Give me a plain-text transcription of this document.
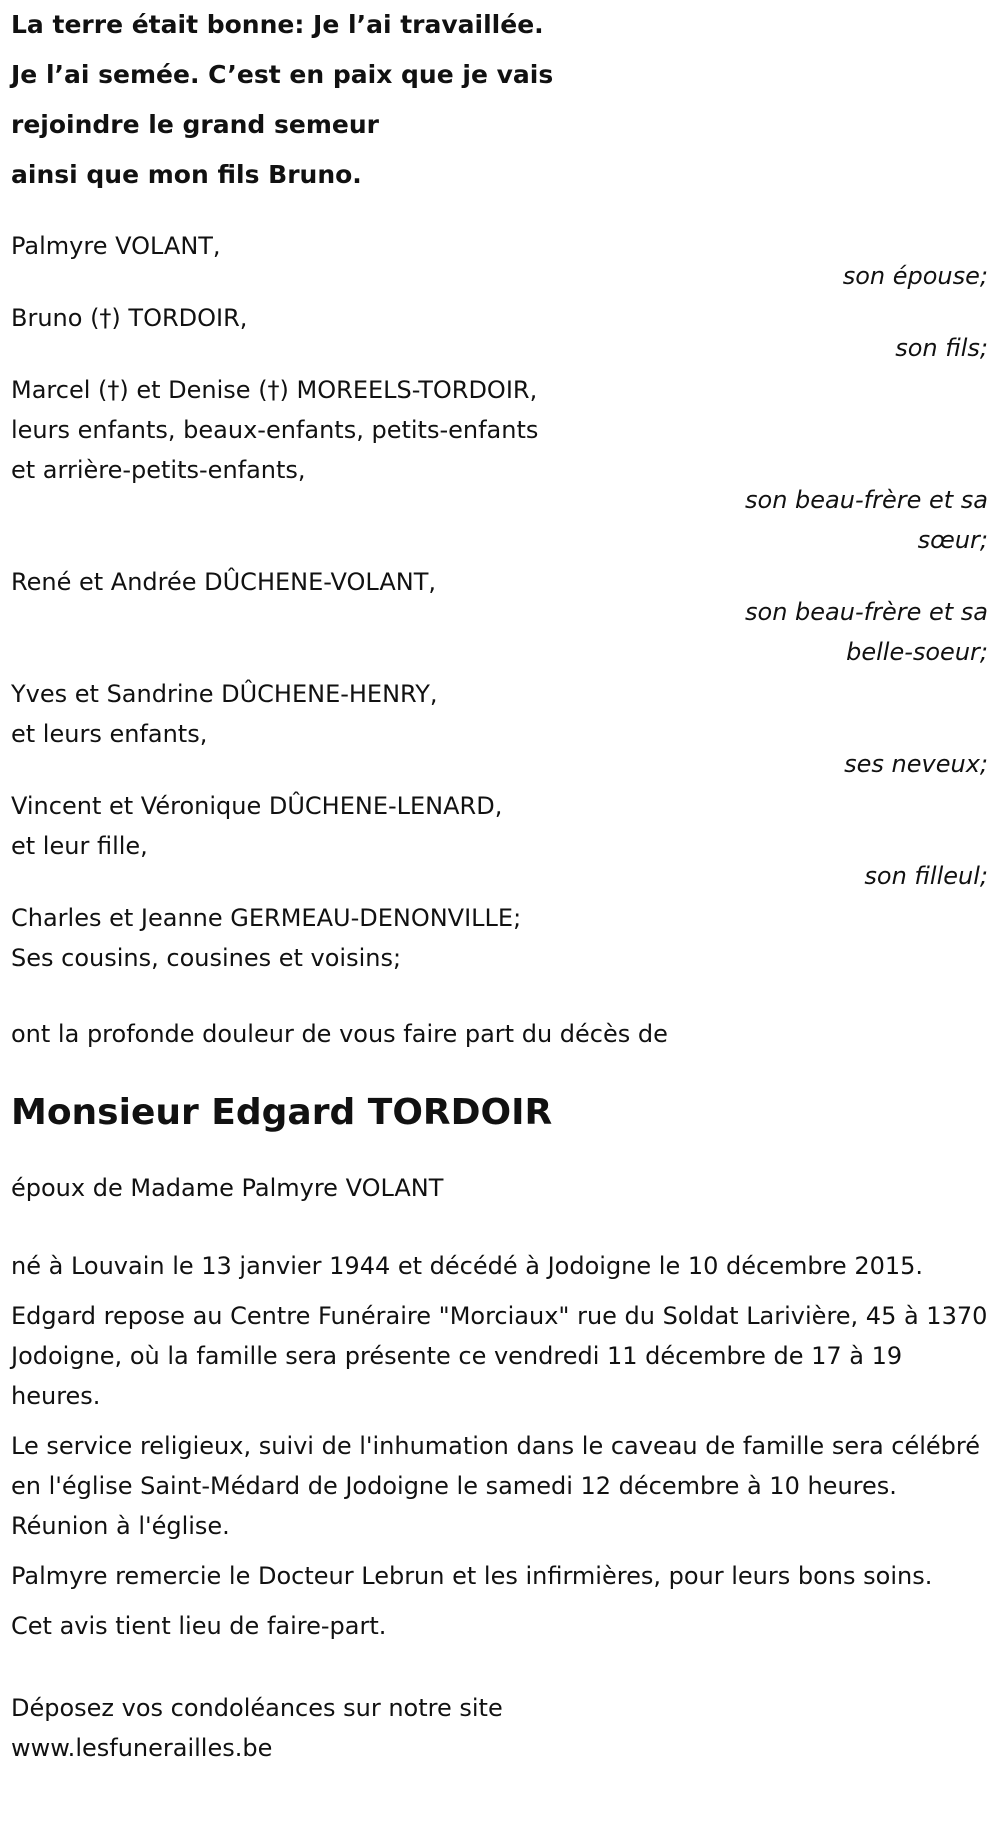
La terre était bonne: Je l’ai travaillée.
Je l’ai semée. C’est en paix que je vais
rejoindre le grand semeur
ainsi que mon fils Bruno.
Palmyre VOLANT,
son épouse;
Bruno (†) TORDOIR,
son fils;
Marcel (†) et Denise (†) MOREELS-TORDOIR,
leurs enfants, beaux-enfants, petits-enfants
et arrière-petits-enfants,
son beau-frère et sa
sœur;
René et Andrée DÛCHENE-VOLANT,
son beau-frère et sa
belle-soeur;
Yves et Sandrine DÛCHENE-HENRY,
et leurs enfants,
ses neveux;
Vincent et Véronique DÛCHENE-LENARD,
et leur fille,
son filleul;
Charles et Jeanne GERMEAU-DENONVILLE;
Ses cousins, cousines et voisins;
ont la profonde douleur de vous faire part du décès de
Monsieur Edgard TORDOIR
époux de Madame Palmyre VOLANT

né à Louvain le 13 janvier 1944 et décédé à Jodoigne le 10 décembre 2015.

Edgard repose au Centre Funéraire "Morciaux" rue du Soldat Larivière, 45 à 1370 Jodoigne, où la famille sera présente ce vendredi 11 décembre de 17 à 19 heures.

Le service religieux, suivi de l'inhumation dans le caveau de famille sera célébré en l'église Saint-Médard de Jodoigne le samedi 12 décembre à 10 heures. Réunion à l'église.

Palmyre remercie le Docteur Lebrun et les infirmières, pour leurs bons soins.

Cet avis tient lieu de faire-part.

Déposez vos condoléances sur notre site
www.lesfunerailles.be
